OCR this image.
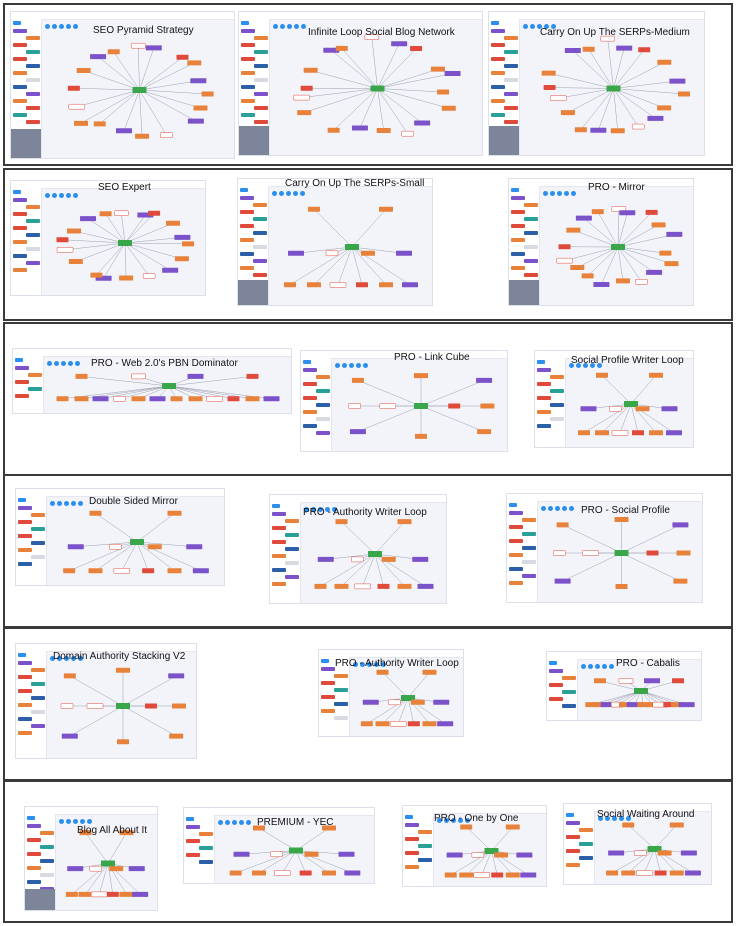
SEO Pyramid Strategy	Infinite Loop Social Blog Network	Carry On Up The SERPs-Medium
SEO Expert	Carry On Up The SERPs-Small	PRO - Mirror
PRO - Web 2.0's PBN Dominator
PRO - Link Cube	Social Profile Writer Loop
Double Sided Mirror
PRO - Authority Writer Loop	PRO - Social Profile
Domain Authority Stacking V2
PRO - Authority Writer Loop	PRO - Cabalis
Blog All About It
PREMIUM - YEC	PRO - One by One	Social Waiting Around
